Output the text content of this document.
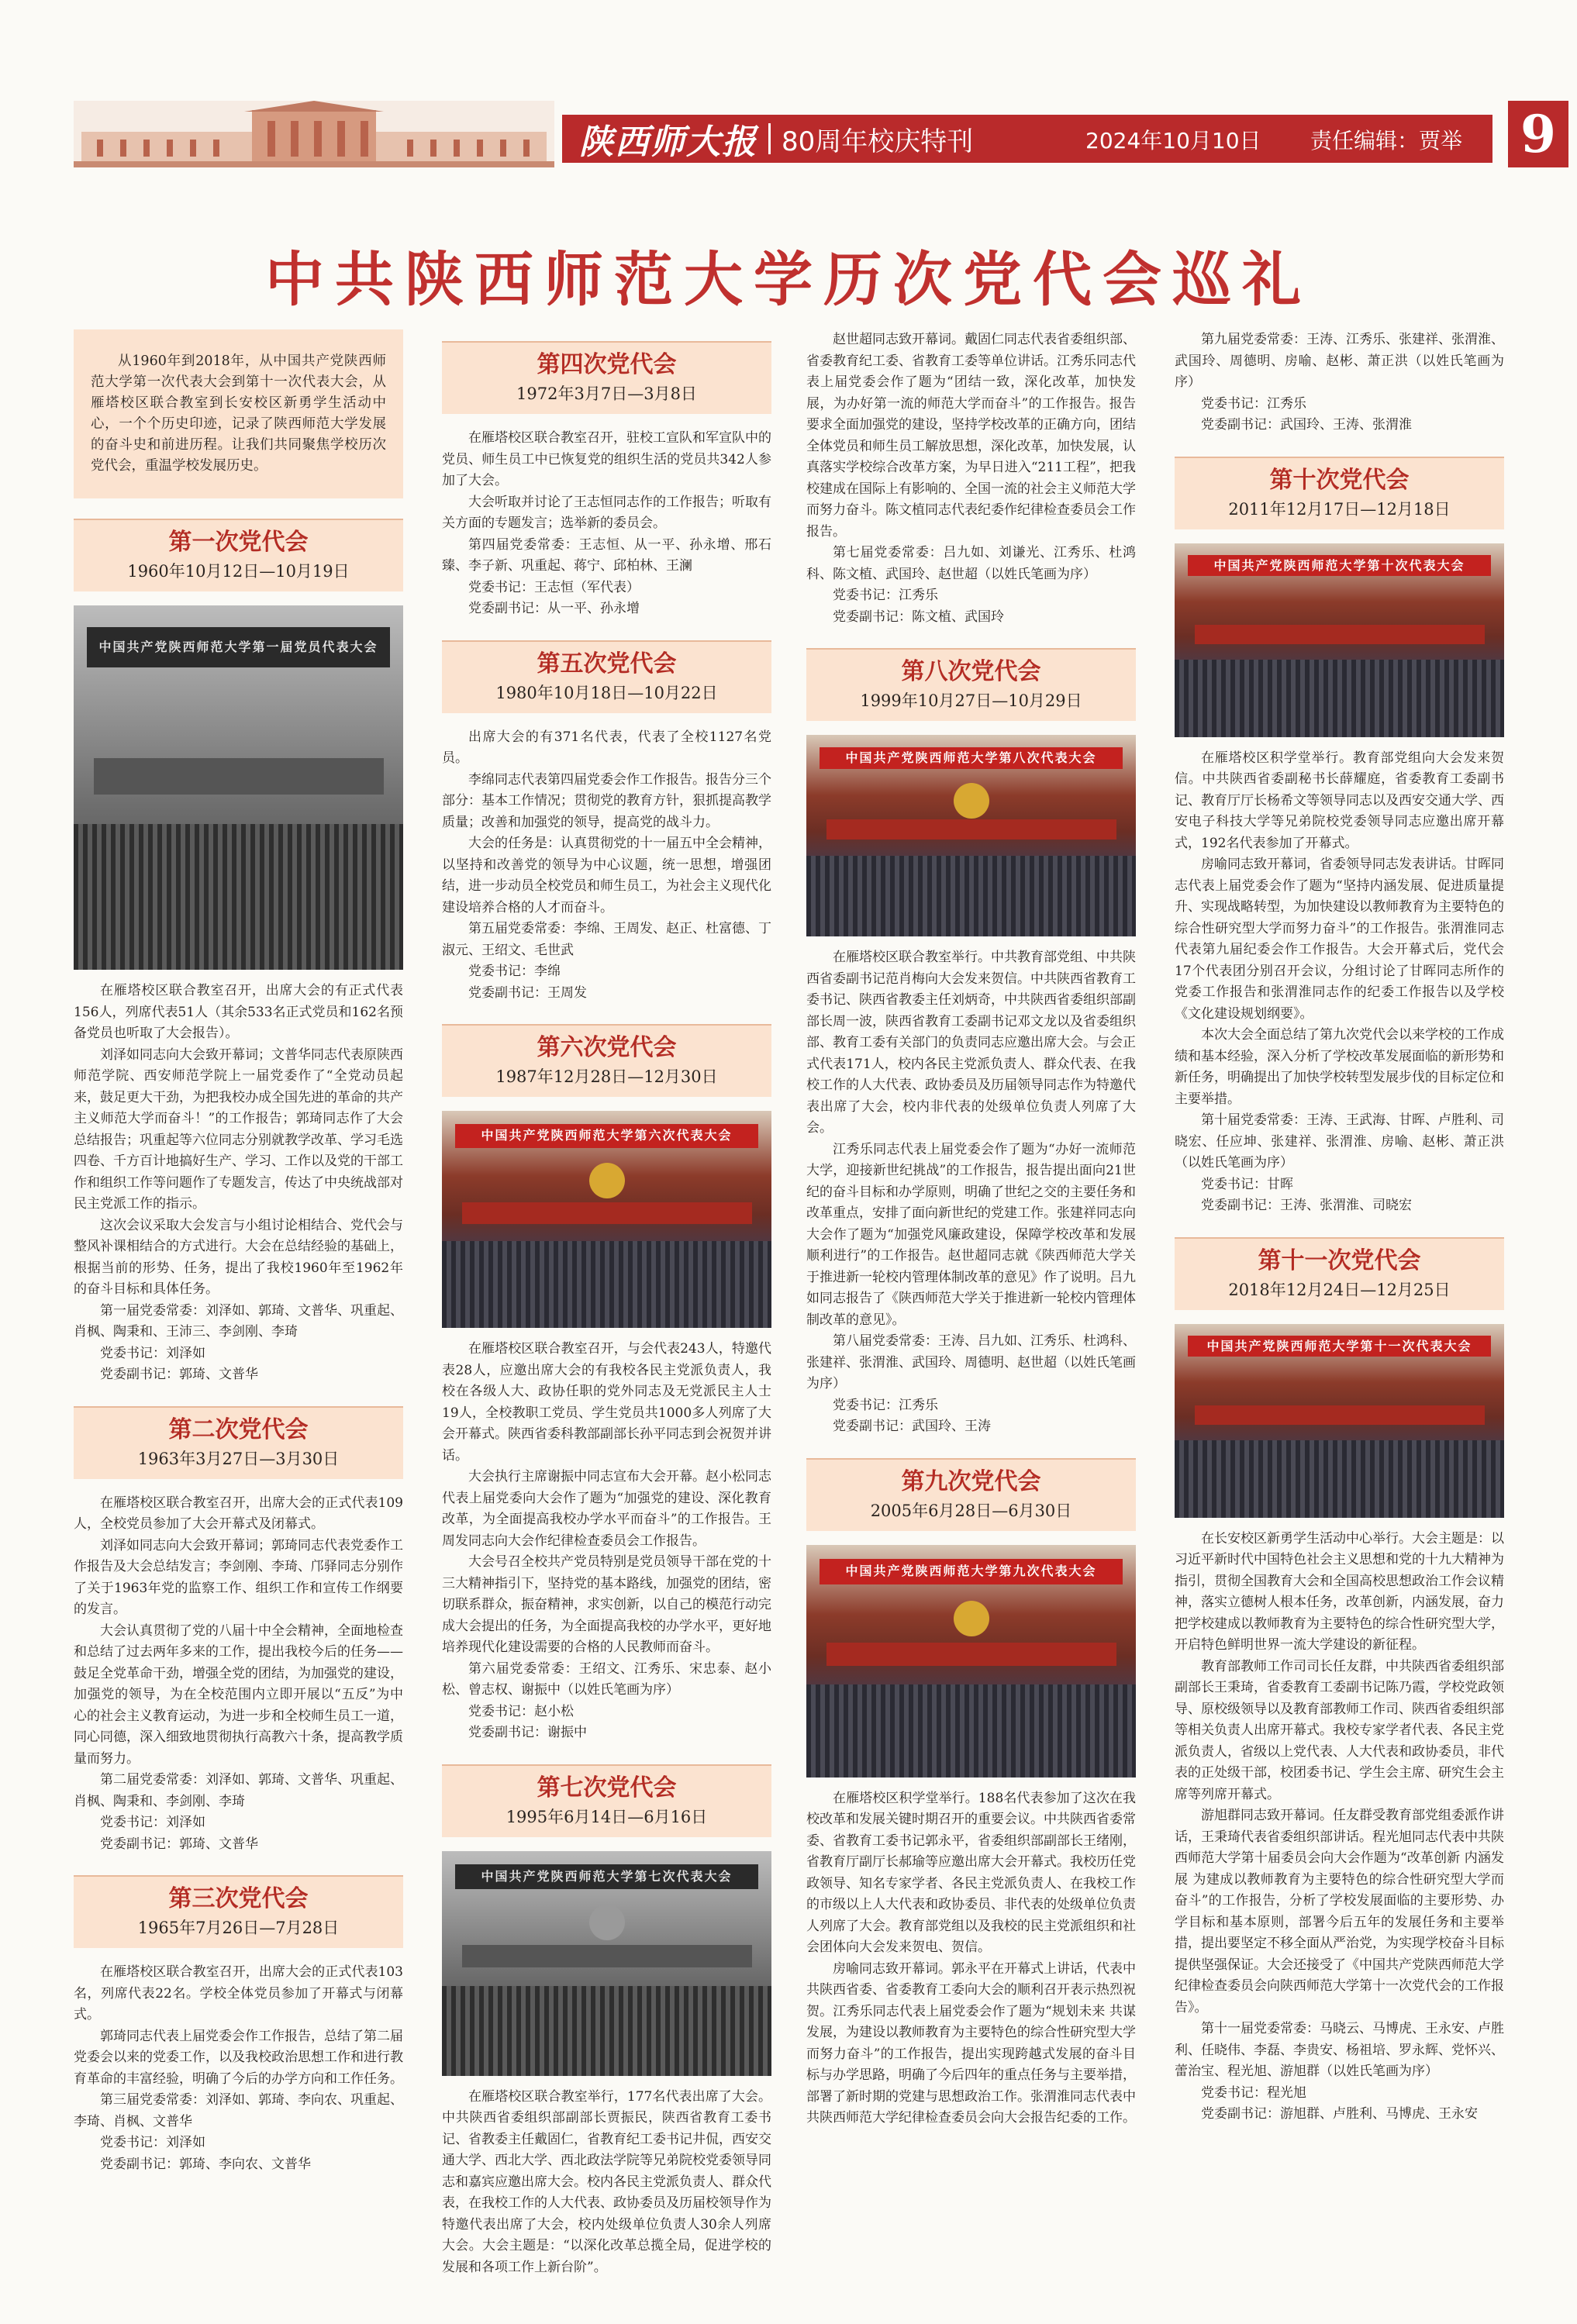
陕西师大报 80周年校庆特刊	2024年10月10日 责任编辑：贾举 9
中共陕西师范大学历次党代会巡礼
从1960年到2018年，从中国共产党陕西师范大学第一次代表大会到第十一次代表大会，从雁塔校区联合教室到长安校区新勇学生活动中心，一个个历史印迹，记录了陕西师范大学发展的奋斗史和前进历程。让我们共同聚焦学校历次党代会，重温学校发展历史。
第一次党代会
1960年10月12日—10月19日
中国共产党陕西师范大学第一届党员代表大会

在雁塔校区联合教室召开，出席大会的有正式代表156人，列席代表51人（其余533名正式党员和162名预备党员也听取了大会报告）。

刘泽如同志向大会致开幕词；文普华同志代表原陕西师范学院、西安师范学院上一届党委作了“全党动员起来，鼓足更大干劲，为把我校办成全国先进的革命的共产主义师范大学而奋斗！”的工作报告；郭琦同志作了大会总结报告；巩重起等六位同志分别就教学改革、学习毛选四卷、千方百计地搞好生产、学习、工作以及党的干部工作和组织工作等问题作了专题发言，传达了中央统战部对民主党派工作的指示。

这次会议采取大会发言与小组讨论相结合、党代会与整风补课相结合的方式进行。大会在总结经验的基础上，根据当前的形势、任务，提出了我校1960年至1962年的奋斗目标和具体任务。

第一届党委常委：刘泽如、郭琦、文普华、巩重起、肖枫、陶秉和、王沛三、李剑刚、李琦

党委书记：刘泽如

党委副书记：郭琦、文普华

第二次党代会
1963年3月27日—3月30日

在雁塔校区联合教室召开，出席大会的正式代表109人，全校党员参加了大会开幕式及闭幕式。

刘泽如同志向大会致开幕词；郭琦同志代表党委作工作报告及大会总结发言；李剑刚、李琦、邝驿同志分别作了关于1963年党的监察工作、组织工作和宣传工作纲要的发言。

大会认真贯彻了党的八届十中全会精神，全面地检查和总结了过去两年多来的工作，提出我校今后的任务——鼓足全党革命干劲，增强全党的团结，为加强党的建设，加强党的领导，为在全校范围内立即开展以“五反”为中心的社会主义教育运动，为进一步和全校师生员工一道，同心同德，深入细致地贯彻执行高教六十条，提高教学质量而努力。

第二届党委常委：刘泽如、郭琦、文普华、巩重起、肖枫、陶秉和、李剑刚、李琦

党委书记：刘泽如

党委副书记：郭琦、文普华

第三次党代会
1965年7月26日—7月28日

在雁塔校区联合教室召开，出席大会的正式代表103名，列席代表22名。学校全体党员参加了开幕式与闭幕式。

郭琦同志代表上届党委会作工作报告，总结了第二届党委会以来的党委工作，以及我校政治思想工作和进行教育革命的丰富经验，明确了今后的办学方向和工作任务。

第三届党委常委：刘泽如、郭琦、李向农、巩重起、李琦、肖枫、文普华

党委书记：刘泽如

党委副书记：郭琦、李向农、文普华

第四次党代会
1972年3月7日—3月8日

在雁塔校区联合教室召开，驻校工宣队和军宣队中的党员、师生员工中已恢复党的组织生活的党员共342人参加了大会。

大会听取并讨论了王志恒同志作的工作报告；听取有关方面的专题发言；选举新的委员会。

第四届党委常委：王志恒、从一平、孙永增、邢石臻、李子新、巩重起、蒋宁、邱柏林、王澜

党委书记：王志恒（军代表）

党委副书记：从一平、孙永增

第五次党代会
1980年10月18日—10月22日

出席大会的有371名代表，代表了全校1127名党员。

李绵同志代表第四届党委会作工作报告。报告分三个部分：基本工作情况；贯彻党的教育方针，狠抓提高教学质量；改善和加强党的领导，提高党的战斗力。

大会的任务是：认真贯彻党的十一届五中全会精神，以坚持和改善党的领导为中心议题，统一思想，增强团结，进一步动员全校党员和师生员工，为社会主义现代化建设培养合格的人才而奋斗。

第五届党委常委：李绵、王周发、赵正、杜富德、丁淑元、王绍文、毛世武

党委书记：李绵

党委副书记：王周发

第六次党代会
1987年12月28日—12月30日
中国共产党陕西师范大学第六次代表大会

在雁塔校区联合教室召开，与会代表243人，特邀代表28人，应邀出席大会的有我校各民主党派负责人，我校在各级人大、政协任职的党外同志及无党派民主人士19人，全校教职工党员、学生党员共1000多人列席了大会开幕式。陕西省委科教部副部长孙平同志到会祝贺并讲话。

大会执行主席谢振中同志宣布大会开幕。赵小松同志代表上届党委向大会作了题为“加强党的建设、深化教育改革，为全面提高我校办学水平而奋斗”的工作报告。王周发同志向大会作纪律检查委员会工作报告。

大会号召全校共产党员特别是党员领导干部在党的十三大精神指引下，坚持党的基本路线，加强党的团结，密切联系群众，振奋精神，求实创新，以自己的模范行动完成大会提出的任务，为全面提高我校的办学水平，更好地培养现代化建设需要的合格的人民教师而奋斗。

第六届党委常委：王绍文、江秀乐、宋忠泰、赵小松、曾志权、谢振中（以姓氏笔画为序）

党委书记：赵小松

党委副书记：谢振中

第七次党代会
1995年6月14日—6月16日
中国共产党陕西师范大学第七次代表大会

在雁塔校区联合教室举行，177名代表出席了大会。中共陕西省委组织部副部长贾振民，陕西省教育工委书记、省教委主任戴固仁，省教育纪工委书记井侃，西安交通大学、西北大学、西北政法学院等兄弟院校党委领导同志和嘉宾应邀出席大会。校内各民主党派负责人、群众代表，在我校工作的人大代表、政协委员及历届校领导作为特邀代表出席了大会，校内处级单位负责人30余人列席大会。大会主题是：“以深化改革总揽全局，促进学校的发展和各项工作上新台阶”。

赵世超同志致开幕词。戴固仁同志代表省委组织部、省委教育纪工委、省教育工委等单位讲话。江秀乐同志代表上届党委会作了题为“团结一致，深化改革，加快发展，为办好第一流的师范大学而奋斗”的工作报告。报告要求全面加强党的建设，坚持学校改革的正确方向，团结全体党员和师生员工解放思想，深化改革，加快发展，认真落实学校综合改革方案，为早日进入“211工程”，把我校建成在国际上有影响的、全国一流的社会主义师范大学而努力奋斗。陈文植同志代表纪委作纪律检查委员会工作报告。

第七届党委常委：吕九如、刘谦光、江秀乐、杜鸿科、陈文植、武国玲、赵世超（以姓氏笔画为序）

党委书记：江秀乐

党委副书记：陈文植、武国玲

第八次党代会
1999年10月27日—10月29日
中国共产党陕西师范大学第八次代表大会

在雁塔校区联合教室举行。中共教育部党组、中共陕西省委副书记范肖梅向大会发来贺信。中共陕西省教育工委书记、陕西省教委主任刘炳奇，中共陕西省委组织部副部长周一波，陕西省教育工委副书记邓文龙以及省委组织部、教育工委有关部门的负责同志应邀出席大会。与会正式代表171人，校内各民主党派负责人、群众代表、在我校工作的人大代表、政协委员及历届领导同志作为特邀代表出席了大会，校内非代表的处级单位负责人列席了大会。

江秀乐同志代表上届党委会作了题为“办好一流师范大学，迎接新世纪挑战”的工作报告，报告提出面向21世纪的奋斗目标和办学原则，明确了世纪之交的主要任务和改革重点，安排了面向新世纪的党建工作。张建祥同志向大会作了题为“加强党风廉政建设，保障学校改革和发展顺利进行”的工作报告。赵世超同志就《陕西师范大学关于推进新一轮校内管理体制改革的意见》作了说明。吕九如同志报告了《陕西师范大学关于推进新一轮校内管理体制改革的意见》。

第八届党委常委：王涛、吕九如、江秀乐、杜鸿科、张建祥、张渭淮、武国玲、周德明、赵世超（以姓氏笔画为序）

党委书记：江秀乐

党委副书记：武国玲、王涛

第九次党代会
2005年6月28日—6月30日
中国共产党陕西师范大学第九次代表大会

在雁塔校区积学堂举行。188名代表参加了这次在我校改革和发展关键时期召开的重要会议。中共陕西省委常委、省教育工委书记郭永平，省委组织部副部长王绪刚，省教育厅副厅长郝瑜等应邀出席大会开幕式。我校历任党政领导、知名专家学者、各民主党派负责人、在我校工作的市级以上人大代表和政协委员、非代表的处级单位负责人列席了大会。教育部党组以及我校的民主党派组织和社会团体向大会发来贺电、贺信。

房喻同志致开幕词。郭永平在开幕式上讲话，代表中共陕西省委、省委教育工委向大会的顺利召开表示热烈祝贺。江秀乐同志代表上届党委会作了题为“规划未来 共谋发展，为建设以教师教育为主要特色的综合性研究型大学而努力奋斗”的工作报告，提出实现跨越式发展的奋斗目标与办学思路，明确了今后四年的重点任务与主要举措，部署了新时期的党建与思想政治工作。张渭淮同志代表中共陕西师范大学纪律检查委员会向大会报告纪委的工作。

第九届党委常委：王涛、江秀乐、张建祥、张渭淮、武国玲、周德明、房喻、赵彬、萧正洪（以姓氏笔画为序）

党委书记：江秀乐

党委副书记：武国玲、王涛、张渭淮

第十次党代会
2011年12月17日—12月18日
中国共产党陕西师范大学第十次代表大会

在雁塔校区积学堂举行。教育部党组向大会发来贺信。中共陕西省委副秘书长薛耀庭，省委教育工委副书记、教育厅厅长杨希文等领导同志以及西安交通大学、西安电子科技大学等兄弟院校党委领导同志应邀出席开幕式，192名代表参加了开幕式。

房喻同志致开幕词，省委领导同志发表讲话。甘晖同志代表上届党委会作了题为“坚持内涵发展、促进质量提升、实现战略转型，为加快建设以教师教育为主要特色的综合性研究型大学而努力奋斗”的工作报告。张渭淮同志代表第九届纪委会作工作报告。大会开幕式后，党代会17个代表团分别召开会议，分组讨论了甘晖同志所作的党委工作报告和张渭淮同志作的纪委工作报告以及学校《文化建设规划纲要》。

本次大会全面总结了第九次党代会以来学校的工作成绩和基本经验，深入分析了学校改革发展面临的新形势和新任务，明确提出了加快学校转型发展步伐的目标定位和主要举措。

第十届党委常委：王涛、王武海、甘晖、卢胜利、司晓宏、任应坤、张建祥、张渭淮、房喻、赵彬、萧正洪（以姓氏笔画为序）

党委书记：甘晖

党委副书记：王涛、张渭淮、司晓宏

第十一次党代会
2018年12月24日—12月25日
中国共产党陕西师范大学第十一次代表大会

在长安校区新勇学生活动中心举行。大会主题是：以习近平新时代中国特色社会主义思想和党的十九大精神为指引，贯彻全国教育大会和全国高校思想政治工作会议精神，落实立德树人根本任务，改革创新，内涵发展，奋力把学校建成以教师教育为主要特色的综合性研究型大学，开启特色鲜明世界一流大学建设的新征程。

教育部教师工作司司长任友群，中共陕西省委组织部副部长王秉琦，省委教育工委副书记陈乃霞，学校党政领导、原校级领导以及教育部教师工作司、陕西省委组织部等相关负责人出席开幕式。我校专家学者代表、各民主党派负责人，省级以上党代表、人大代表和政协委员，非代表的正处级干部，校团委书记、学生会主席、研究生会主席等列席开幕式。

游旭群同志致开幕词。任友群受教育部党组委派作讲话，王秉琦代表省委组织部讲话。程光旭同志代表中共陕西师范大学第十届委员会向大会作题为“改革创新 内涵发展 为建成以教师教育为主要特色的综合性研究型大学而奋斗”的工作报告，分析了学校发展面临的主要形势、办学目标和基本原则，部署今后五年的发展任务和主要举措，提出要坚定不移全面从严治党，为实现学校奋斗目标提供坚强保证。大会还接受了《中国共产党陕西师范大学纪律检查委员会向陕西师范大学第十一次党代会的工作报告》。

第十一届党委常委：马晓云、马博虎、王永安、卢胜利、任晓伟、李磊、李贵安、杨祖培、罗永辉、党怀兴、蕾治宝、程光旭、游旭群（以姓氏笔画为序）

党委书记：程光旭

党委副书记：游旭群、卢胜利、马博虎、王永安
